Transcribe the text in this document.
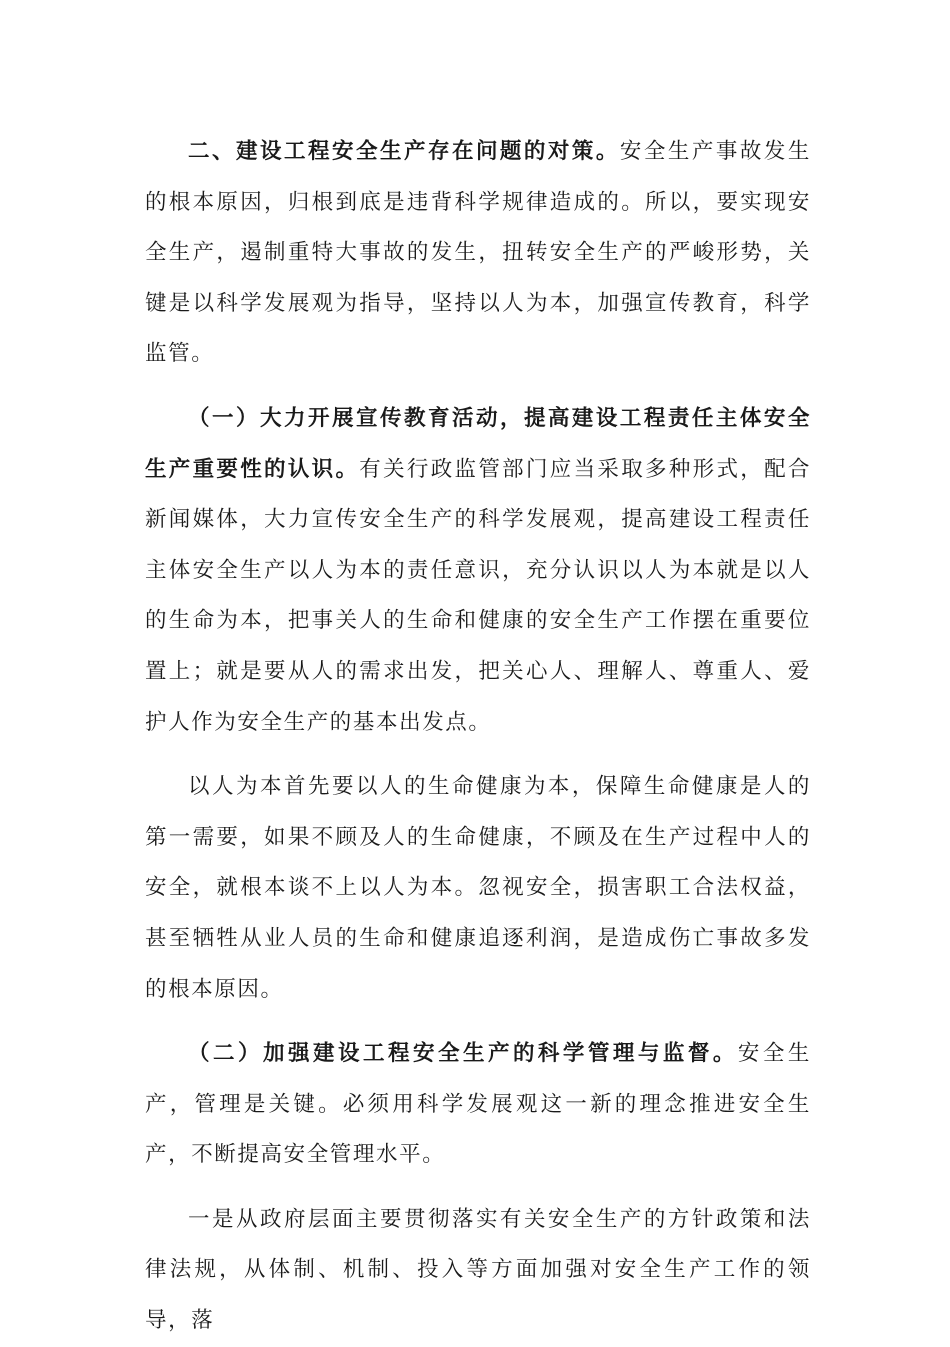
二、建设工程安全生产存在问题的对策。安全生产事故发生的根本原因，归根到底是违背科学规律造成的。所以，要实现安全生产，遏制重特大事故的发生，扭转安全生产的严峻形势，关键是以科学发展观为指导，坚持以人为本，加强宣传教育，科学监管。

（一）大力开展宣传教育活动，提高建设工程责任主体安全生产重要性的认识。有关行政监管部门应当采取多种形式，配合新闻媒体，大力宣传安全生产的科学发展观，提高建设工程责任主体安全生产以人为本的责任意识，充分认识以人为本就是以人的生命为本，把事关人的生命和健康的安全生产工作摆在重要位置上；就是要从人的需求出发，把关心人、理解人、尊重人、爱护人作为安全生产的基本出发点。

以人为本首先要以人的生命健康为本，保障生命健康是人的第一需要，如果不顾及人的生命健康，不顾及在生产过程中人的安全，就根本谈不上以人为本。忽视安全，损害职工合法权益，甚至牺牲从业人员的生命和健康追逐利润，是造成伤亡事故多发的根本原因。

（二）加强建设工程安全生产的科学管理与监督。安全生产，管理是关键。必须用科学发展观这一新的理念推进安全生产，不断提高安全管理水平。

一是从政府层面主要贯彻落实有关安全生产的方针政策和法律法规，从体制、机制、投入等方面加强对安全生产工作的领导，落
